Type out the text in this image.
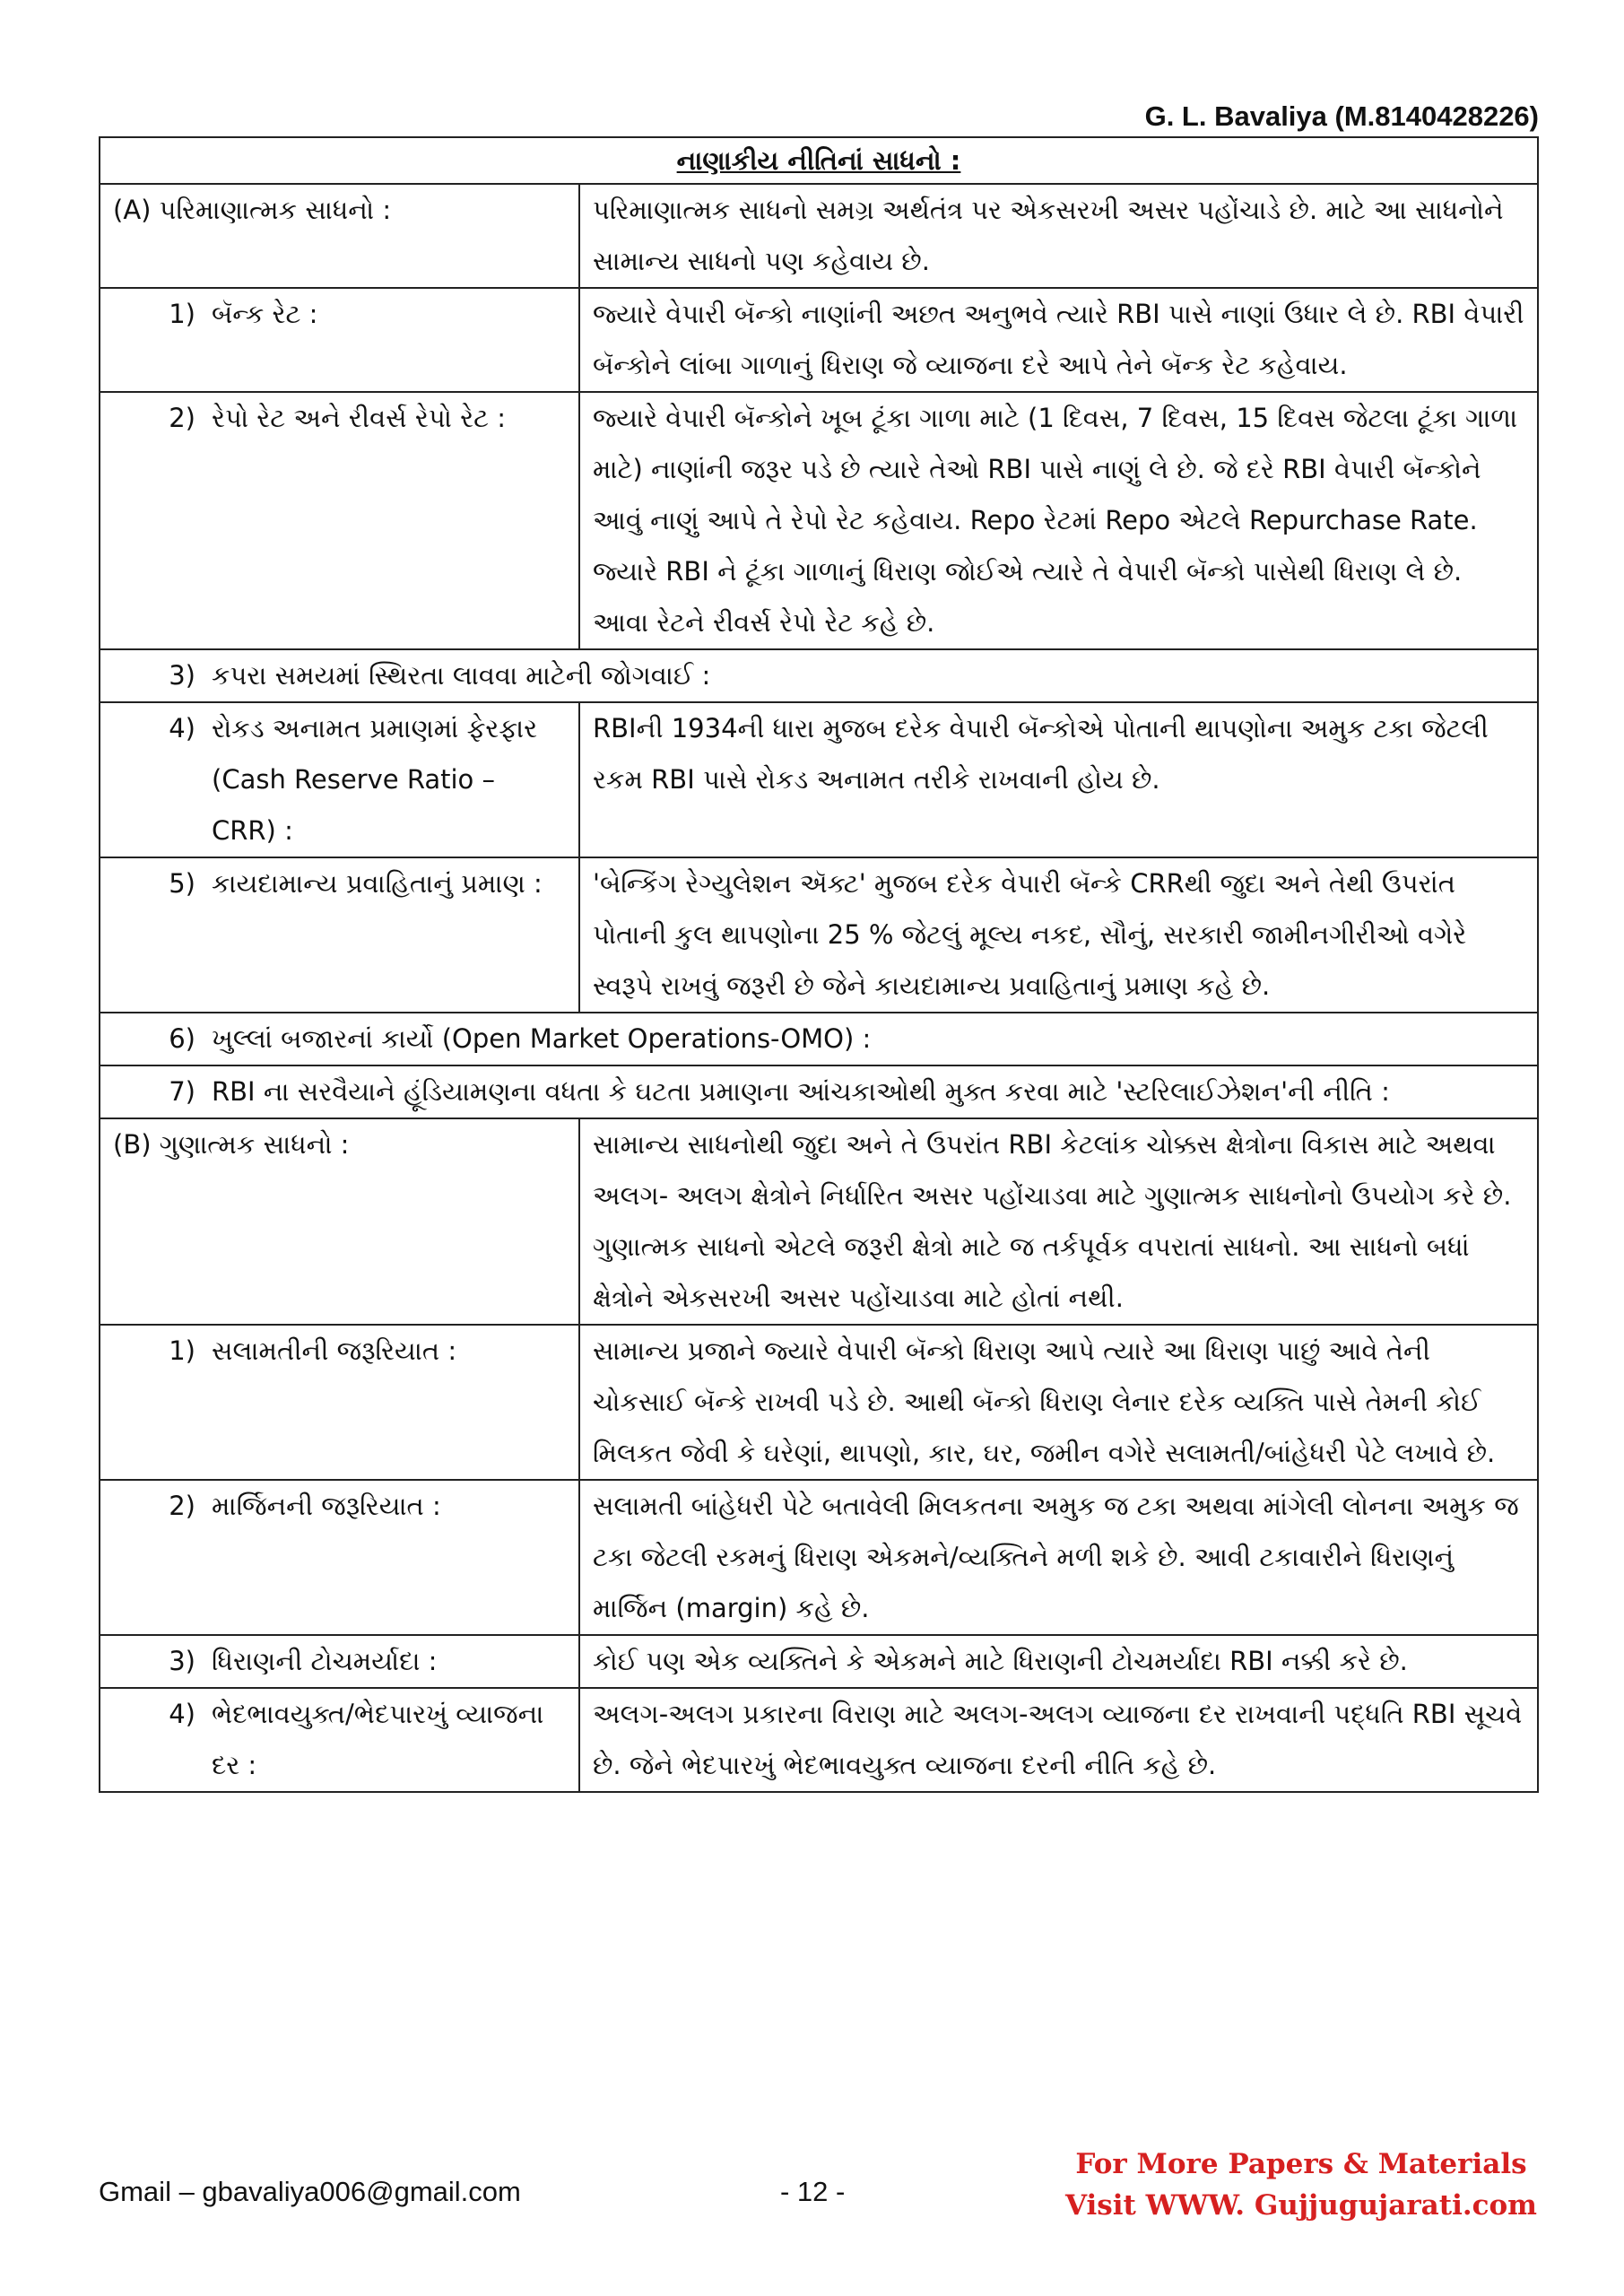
G. L. Bavaliya (M.8140428226)
નાણાકીય નીતિનાં સાધનો :	
(A) પરિમાણાત્મક સાધનો :	પરિમાણાત્મક સાધનો સમગ્ર અર્થતંત્ર પર એકસરખી અસર પહોંચાડે છે. માટે આ સાધનોને સામાન્ય સાધનો પણ કહેવાય છે.

1) બૅન્ક રેટ :	જ્યારે વેપારી બૅન્કો નાણાંની અછત અનુભવે ત્યારે RBI પાસે નાણાં ઉધાર લે છે. RBI વેપારી બૅન્કોને લાંબા ગાળાનું ધિરાણ જે વ્યાજના દરે આપે તેને બૅન્ક રેટ કહેવાય.

2) રેપો રેટ અને રીવર્સ રેપો રેટ :	જ્યારે વેપારી બૅન્કોને ખૂબ ટૂંકા ગાળા માટે (1 દિવસ, 7 દિવસ, 15 દિવસ જેટલા ટૂંકા ગાળા માટે) નાણાંની જરૂર પડે છે ત્યારે તેઓ RBI પાસે નાણું લે છે. જે દરે RBI વેપારી બૅન્કોને આવું નાણું આપે તે રેપો રેટ કહેવાય. Repo રેટમાં Repo એટલે Repurchase Rate. જ્યારે RBI ને ટૂંકા ગાળાનું ધિરાણ જોઈએ ત્યારે તે વેપારી બૅન્કો પાસેથી ધિરાણ લે છે. આવા રેટને રીવર્સ રેપો રેટ કહે છે.
3) કપરા સમયમાં સ્થિરતા લાવવા માટેની જોગવાઈ :	

4) રોકડ અનામત પ્રમાણમાં ફેરફાર (Cash Reserve Ratio – CRR) :	RBIની 1934ની ધારા મુજબ દરેક વેપારી બૅન્કોએ પોતાની થાપણોના અમુક ટકા જેટલી રકમ RBI પાસે રોકડ અનામત તરીકે રાખવાની હોય છે.

5) કાયદામાન્ય પ્રવાહિતાનું પ્રમાણ :	'બેન્કિંગ રેગ્યુલેશન ઍક્ટ' મુજબ દરેક વેપારી બૅન્કે CRRથી જુદા અને તેથી ઉપરાંત પોતાની કુલ થાપણોના 25 % જેટલું મૂલ્ય નકદ, સૌનું, સરકારી જામીનગીરીઓ વગેરે સ્વરૂપે રાખવું જરૂરી છે જેને કાયદામાન્ય પ્રવાહિતાનું પ્રમાણ કહે છે.
6) ખુલ્લાં બજારનાં કાર્યો (Open Market Operations-OMO) :	

7) RBI ના સરવૈયાને હૂંડિયામણના વધતા કે ઘટતા પ્રમાણના આંચકાઓથી મુક્ત કરવા માટે 'સ્ટરિલાઈઝેશન'ની નીતિ :	

(B) ગુણાત્મક સાધનો :	સામાન્ય સાધનોથી જુદા અને તે ઉપરાંત RBI કેટલાંક ચોક્કસ ક્ષેત્રોના વિકાસ માટે અથવા અલગ- અલગ ક્ષેત્રોને નિર્ધારિત અસર પહોંચાડવા માટે ગુણાત્મક સાધનોનો ઉપયોગ કરે છે. ગુણાત્મક સાધનો એટલે જરૂરી ક્ષેત્રો માટે જ તર્કપૂર્વક વપરાતાં સાધનો. આ સાધનો બધાં ક્ષેત્રોને એકસરખી અસર પહોંચાડવા માટે હોતાં નથી.

1) સલામતીની જરૂરિયાત :	સામાન્ય પ્રજાને જ્યારે વેપારી બૅન્કો ધિરાણ આપે ત્યારે આ ધિરાણ પાછું આવે તેની ચોકસાઈ બૅન્કે રાખવી પડે છે. આથી બૅન્કો ધિરાણ લેનાર દરેક વ્યક્તિ પાસે તેમની કોઈ મિલકત જેવી કે ઘરેણાં, થાપણો, કાર, ઘર, જમીન વગેરે સલામતી/બાંહેધરી પેટે લખાવે છે.

2) માર્જિનની જરૂરિયાત :	સલામતી બાંહેધરી પેટે બતાવેલી મિલકતના અમુક જ ટકા અથવા માંગેલી લોનના અમુક જ ટકા જેટલી રકમનું ધિરાણ એકમને/વ્યક્તિને મળી શકે છે. આવી ટકાવારીને ધિરાણનું માર્જિન (margin) કહે છે.

3) ધિરાણની ટોચમર્યાદા :	કોઈ પણ એક વ્યક્તિને કે એકમને માટે ધિરાણની ટોચમર્યાદા RBI નક્કી કરે છે.

4) ભેદભાવયુક્ત/ભેદપારખું વ્યાજના દર :	અલગ-અલગ પ્રકારના વિરાણ માટે અલગ-અલગ વ્યાજના દર રાખવાની પદ્ધતિ RBI સૂચવે છે. જેને ભેદપારખું ભેદભાવયુક્ત વ્યાજના દરની નીતિ કહે છે.
Gmail – gbavaliya006@gmail.com	- 12 -
For More Papers & Materials
Visit WWW. Gujjugujarati.com
